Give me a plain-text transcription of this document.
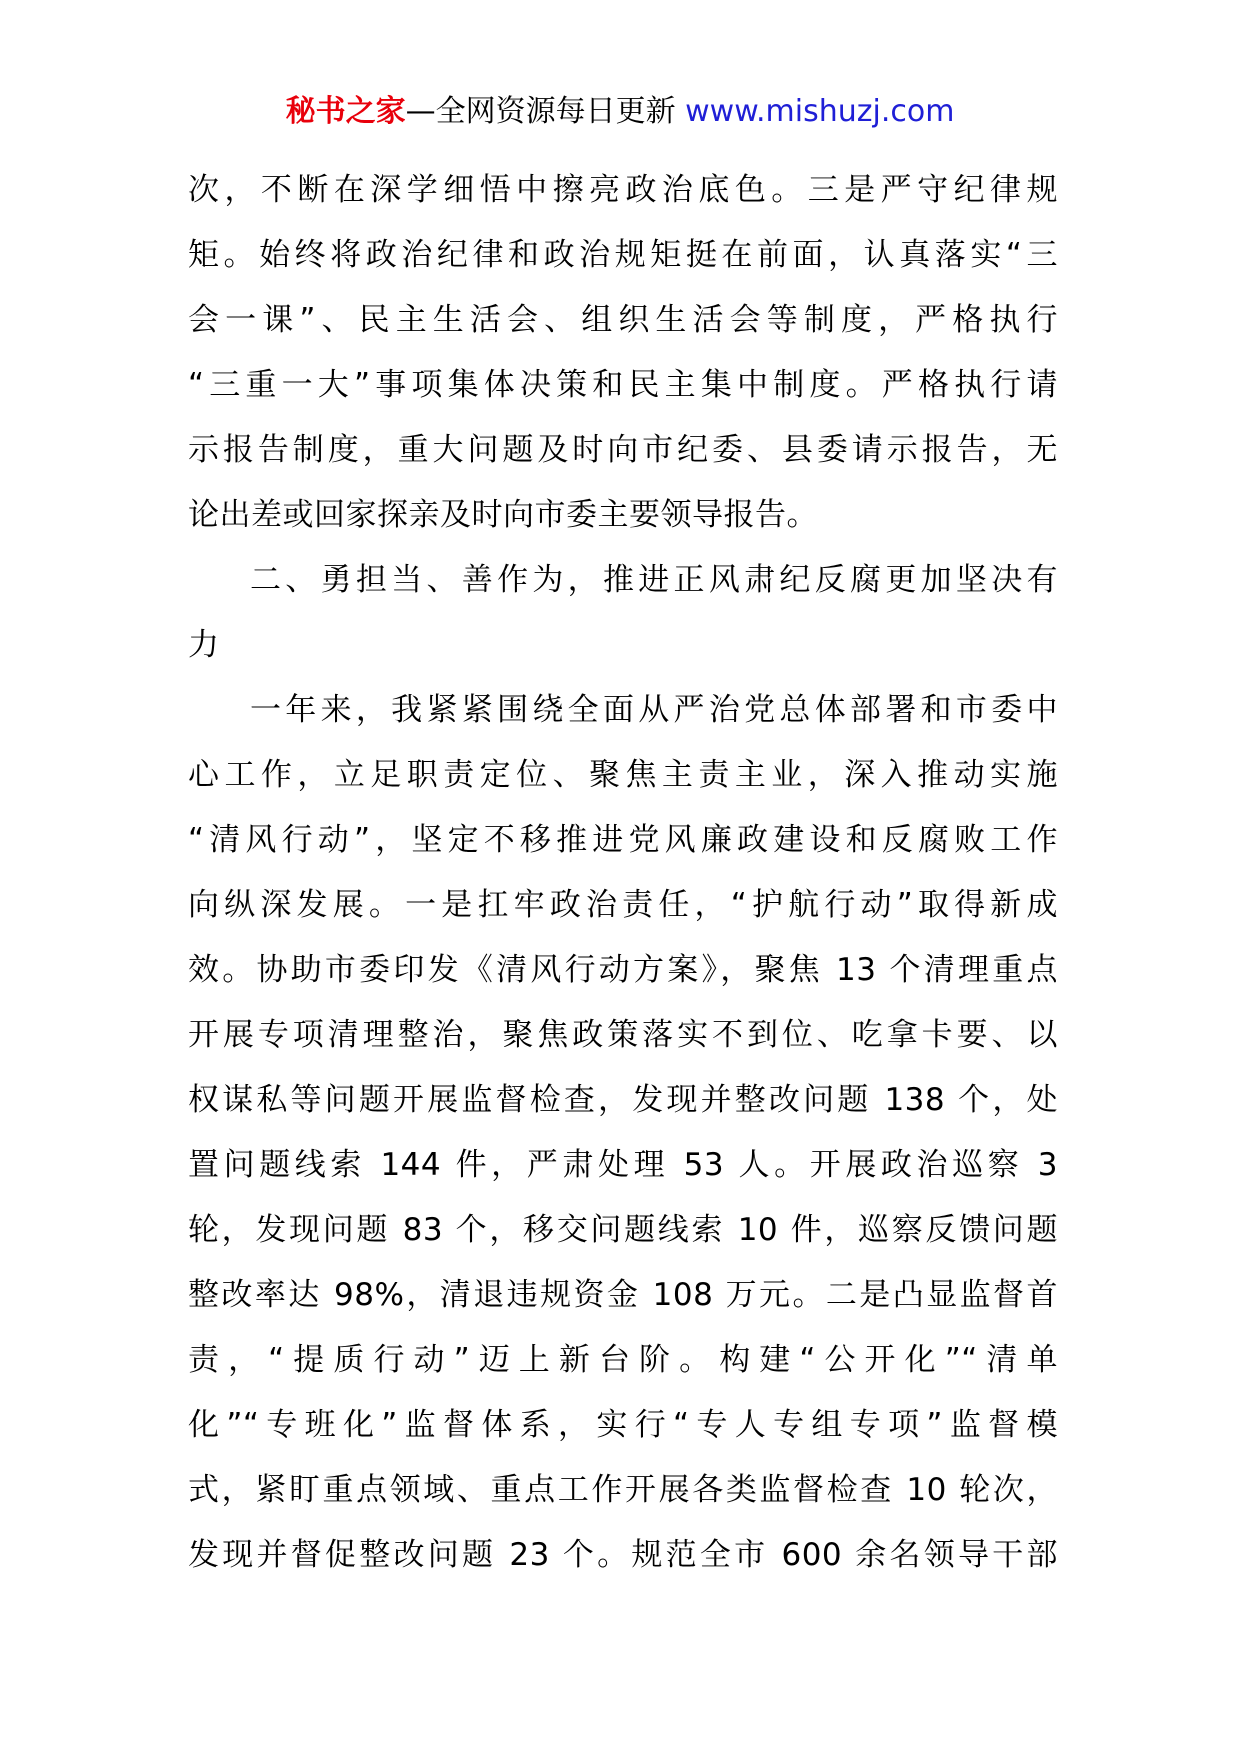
秘书之家—全网资源每日更新 www.mishuzj.com
次，不断在深学细悟中擦亮政治底色。三是严守纪律规
矩。始终将政治纪律和政治规矩挺在前面，认真落实“三
会一课”、民主生活会、组织生活会等制度，严格执行
“三重一大”事项集体决策和民主集中制度。严格执行请
示报告制度，重大问题及时向市纪委、县委请示报告，无
论出差或回家探亲及时向市委主要领导报告。
二、勇担当、善作为，推进正风肃纪反腐更加坚决有
力
一年来，我紧紧围绕全面从严治党总体部署和市委中
心工作，立足职责定位、聚焦主责主业，深入推动实施
“清风行动”，坚定不移推进党风廉政建设和反腐败工作
向纵深发展。一是扛牢政治责任，“护航行动”取得新成
效。协助市委印发《清风行动方案》，聚焦 13 个清理重点
开展专项清理整治，聚焦政策落实不到位、吃拿卡要、以
权谋私等问题开展监督检查，发现并整改问题 138 个，处
置问题线索 144 件，严肃处理 53 人。开展政治巡察 3
轮，发现问题 83 个，移交问题线索 10 件，巡察反馈问题
整改率达 98%，清退违规资金 108 万元。二是凸显监督首
责，“提质行动”迈上新台阶。构建“公开化”“清单
化”“专班化”监督体系，实行“专人专组专项”监督模
式，紧盯重点领域、重点工作开展各类监督检查 10 轮次，
发现并督促整改问题 23 个。规范全市 600 余名领导干部
